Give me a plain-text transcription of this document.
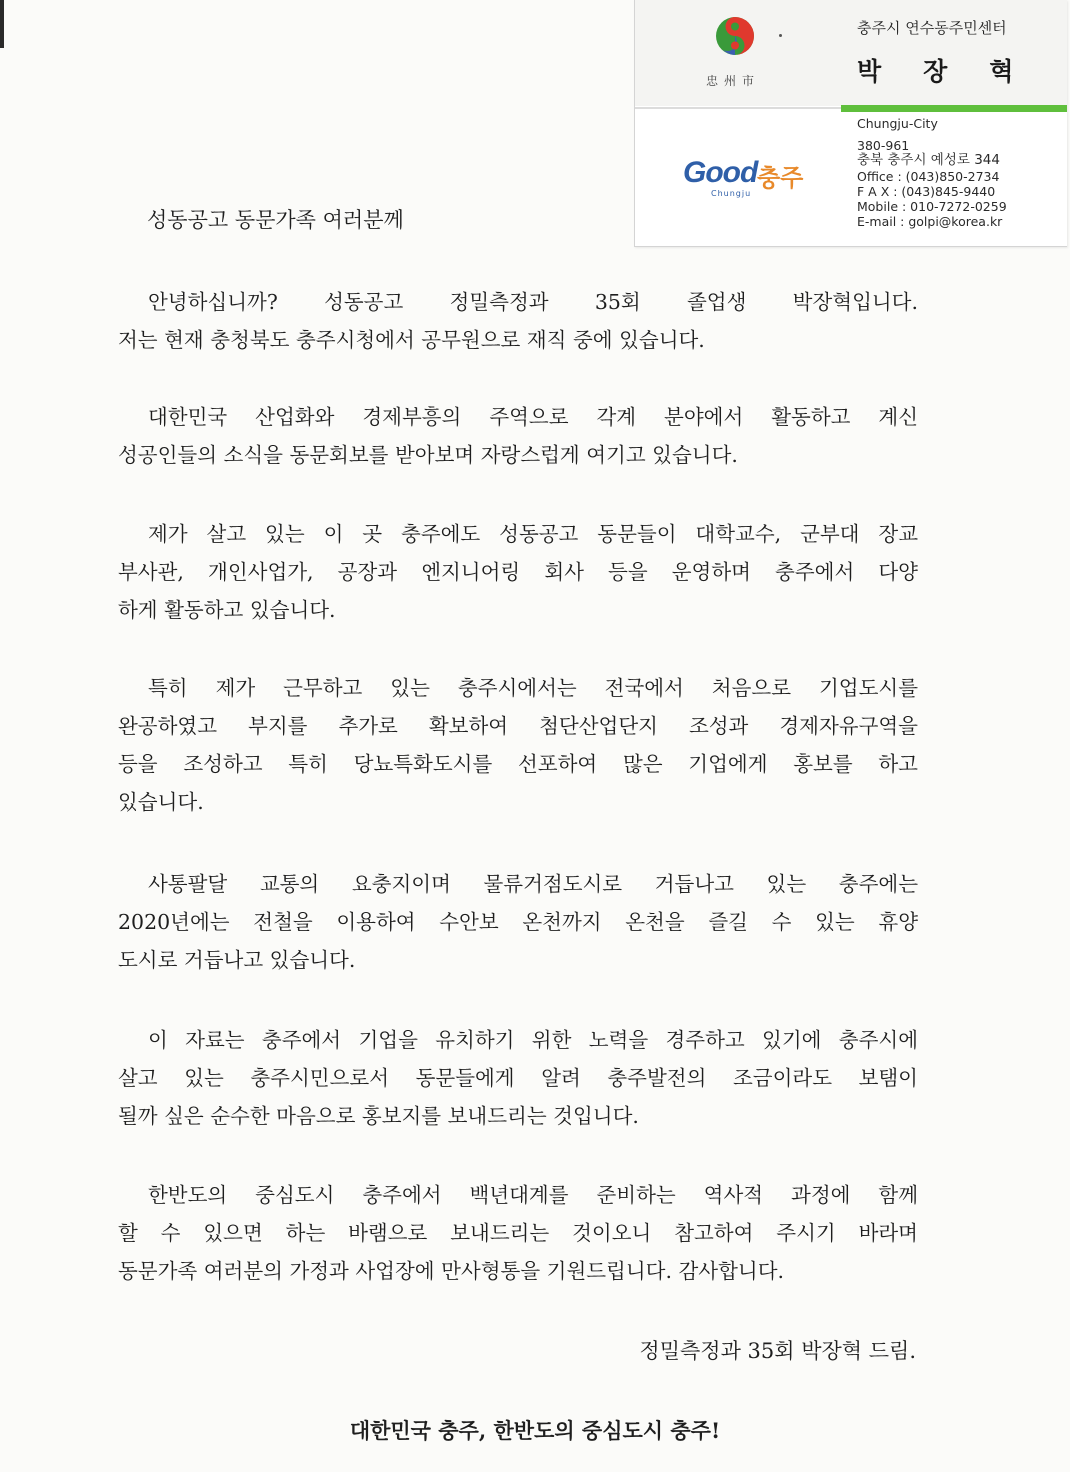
忠州市
충주시 연수동주민센터
박장혁
Good 충주
Chungju
Chungju-City
380-961
충북 충주시 예성로 344
Office : (043)850-2734
F A X : (043)845-9440
Mobile : 010-7272-0259
E-mail : golpi@korea.kr
성동공고 동문가족 여러분께
안녕하십니까? 성동공고 정밀측정과 35회 졸업생 박장혁입니다.
저는 현재 충청북도 충주시청에서 공무원으로 재직 중에 있습니다.
대한민국 산업화와 경제부흥의 주역으로 각계 분야에서 활동하고 계신
성공인들의 소식을 동문회보를 받아보며 자랑스럽게 여기고 있습니다.
제가 살고 있는 이 곳 충주에도 성동공고 동문들이 대학교수, 군부대 장교
부사관, 개인사업가, 공장과 엔지니어링 회사 등을 운영하며 충주에서 다양
하게 활동하고 있습니다.
특히 제가 근무하고 있는 충주시에서는 전국에서 처음으로 기업도시를
완공하였고 부지를 추가로 확보하여 첨단산업단지 조성과 경제자유구역을
등을 조성하고 특히 당뇨특화도시를 선포하여 많은 기업에게 홍보를 하고
있습니다.
사통팔달 교통의 요충지이며 물류거점도시로 거듭나고 있는 충주에는
2020년에는 전철을 이용하여 수안보 온천까지 온천을 즐길 수 있는 휴양
도시로 거듭나고 있습니다.
이 자료는 충주에서 기업을 유치하기 위한 노력을 경주하고 있기에 충주시에
살고 있는 충주시민으로서 동문들에게 알려 충주발전의 조금이라도 보탬이
될까 싶은 순수한 마음으로 홍보지를 보내드리는 것입니다.
한반도의 중심도시 충주에서 백년대계를 준비하는 역사적 과정에 함께
할 수 있으면 하는 바램으로 보내드리는 것이오니 참고하여 주시기 바라며
동문가족 여러분의 가정과 사업장에 만사형통을 기원드립니다. 감사합니다.
정밀측정과 35회 박장혁 드림.
대한민국 충주, 한반도의 중심도시 충주!
